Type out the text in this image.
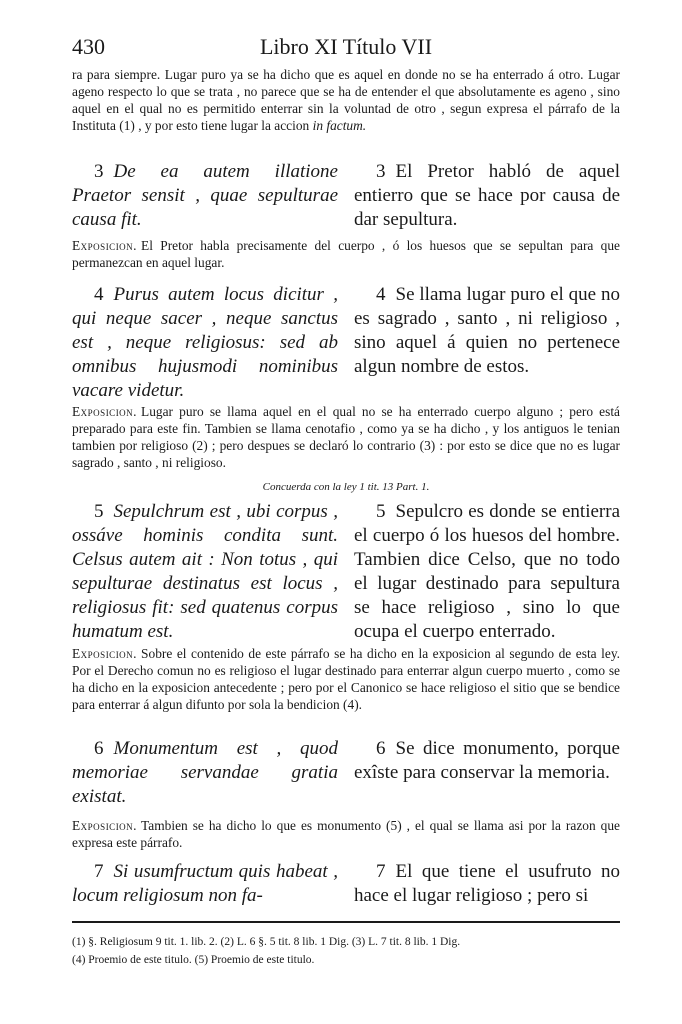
430	Libro XI Título VII

ra para siempre. Lugar puro ya se ha dicho que es aquel en donde no se ha enterrado á otro. Lugar ageno respecto lo que se trata , no parece que se ha de entender el que absolutamente es ageno , sino aquel en el qual no es permitido enterrar sin la voluntad de otro , segun expresa el párrafo de la Instituta (1) , y por esto tiene lugar la accion in factum.

3 De ea autem illatione Praetor sensit , quae sepulturae causa fit.
3 El Pretor habló de aquel entierro que se hace por causa de dar sepultura.

Exposicion. El Pretor habla precisamente del cuerpo , ó los huesos que se sepultan para que permanezcan en aquel lugar.

4 Purus autem locus dicitur , qui neque sacer , neque sanctus est , neque religiosus: sed ab omnibus hujusmodi nominibus vacare videtur.
4 Se llama lugar puro el que no es sagrado , santo , ni religioso , sino aquel á quien no pertenece algun nombre de estos.

Exposicion. Lugar puro se llama aquel en el qual no se ha enterrado cuerpo alguno ; pero está preparado para este fin. Tambien se llama cenotafio , como ya se ha dicho , y los antiguos le tenian tambien por religioso (2) ; pero despues se declaró lo contrario (3) : por esto se dice que no es lugar sagrado , santo , ni religioso.

Concuerda con la ley 1 tit. 13 Part. 1.
5 Sepulchrum est , ubi corpus , ossáve hominis condita sunt. Celsus autem ait : Non totus , qui sepulturae destinatus est locus , religiosus fit: sed quatenus corpus humatum est.
5 Sepulcro es donde se entierra el cuerpo ó los huesos del hombre. Tambien dice Celso, que no todo el lugar destinado para sepultura se hace religioso , sino lo que ocupa el cuerpo enterrado.

Exposicion. Sobre el contenido de este párrafo se ha dicho en la exposicion al segundo de esta ley. Por el Derecho comun no es religioso el lugar destinado para enterrar algun cuerpo muerto , como se ha dicho en la exposicion antecedente ; pero por el Canonico se hace religioso el sitio que se bendice para enterrar á algun difunto por sola la bendicion (4).

6 Monumentum est , quod memoriae servandae gratia existat.
6 Se dice monumento, porque exîste para conservar la memoria.

Exposicion. Tambien se ha dicho lo que es monumento (5) , el qual se llama asi por la razon que expresa este párrafo.

7 Si usumfructum quis habeat , locum religiosum non fa-
7 El que tiene el usufruto no hace el lugar religioso ; pero si
(1) §. Religiosum 9 tit. 1. lib. 2. (2) L. 6 §. 5 tit. 8 lib. 1 Dig. (3) L. 7 tit. 8 lib. 1 Dig.
(4) Proemio de este titulo. (5) Proemio de este titulo.
